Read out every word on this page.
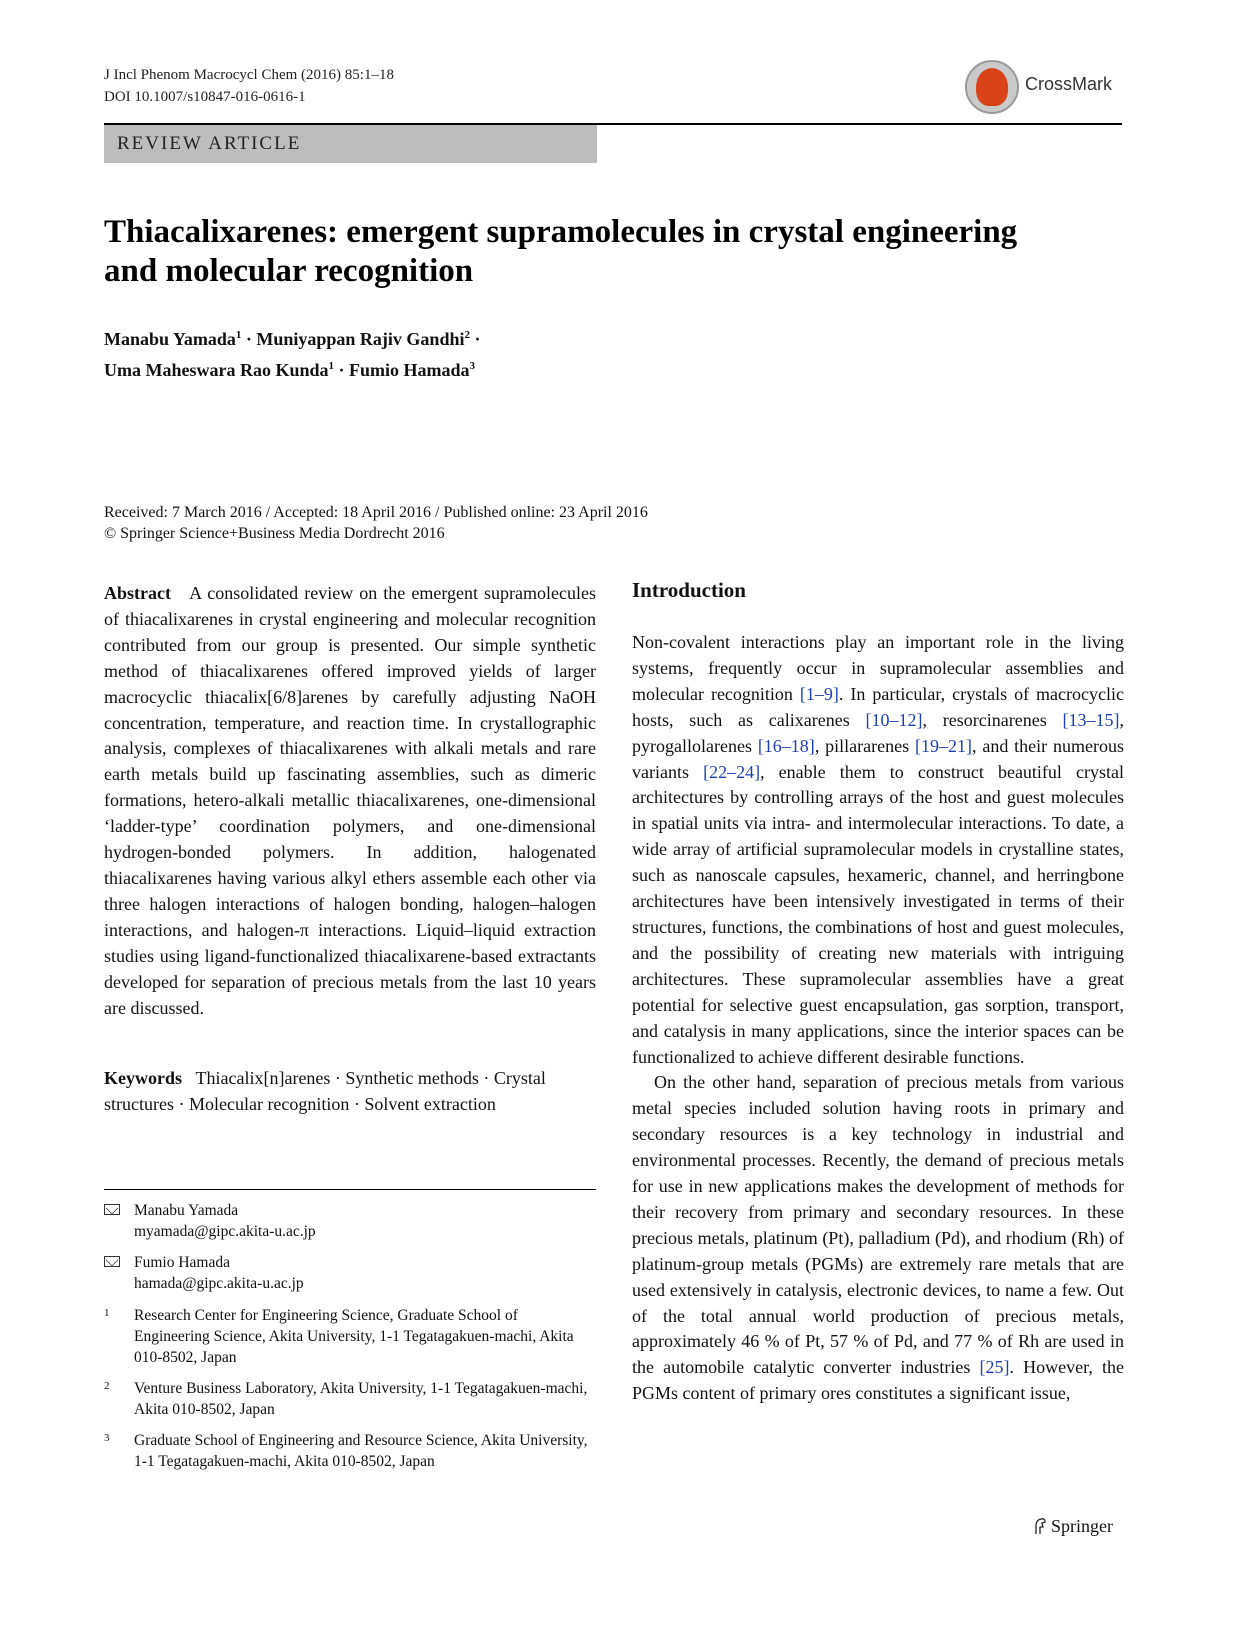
J Incl Phenom Macrocycl Chem (2016) 85:1–18
DOI 10.1007/s10847-016-0616-1
CrossMark
REVIEW ARTICLE
Thiacalixarenes: emergent supramolecules in crystal engineering and molecular recognition
Manabu Yamada$^1$ · Muniyappan Rajiv Gandhi$^2$ ·
Uma Maheswara Rao Kunda$^1$ · Fumio Hamada$^3$
Received: 7 March 2016 / Accepted: 18 April 2016 / Published online: 23 April 2016
© Springer Science+Business Media Dordrecht 2016

Abstract A consolidated review on the emergent supramolecules of thiacalixarenes in crystal engineering and molecular recognition contributed from our group is presented. Our simple synthetic method of thiacalixarenes offered improved yields of larger macrocyclic thiacalix[6/8]arenes by carefully adjusting NaOH concentration, temperature, and reaction time. In crystallographic analysis, complexes of thiacalixarenes with alkali metals and rare earth metals build up fascinating assemblies, such as dimeric formations, hetero-alkali metallic thiacalixarenes, one-dimensional ‘ladder-type’ coordination polymers, and one-dimensional hydrogen-bonded polymers. In addition, halogenated thiacalixarenes having various alkyl ethers assemble each other via three halogen interactions of halogen bonding, halogen–halogen interactions, and halogen-π interactions. Liquid–liquid extraction studies using ligand-functionalized thiacalixarene-based extractants developed for separation of precious metals from the last 10 years are discussed.

Keywords Thiacalix[n]arenes · Synthetic methods · Crystal structures · Molecular recognition · Solvent extraction

Manabu Yamada
myamada@gipc.akita-u.ac.jp
Fumio Hamada
hamada@gipc.akita-u.ac.jp
1 Research Center for Engineering Science, Graduate School of Engineering Science, Akita University, 1-1 Tegatagakuen-machi, Akita 010-8502, Japan
2 Venture Business Laboratory, Akita University, 1-1 Tegatagakuen-machi, Akita 010-8502, Japan
3 Graduate School of Engineering and Resource Science, Akita University, 1-1 Tegatagakuen-machi, Akita 010-8502, Japan
Introduction

Non-covalent interactions play an important role in the living systems, frequently occur in supramolecular assemblies and molecular recognition [1–9]. In particular, crystals of macrocyclic hosts, such as calixarenes [10–12], resorcinarenes [13–15], pyrogallolarenes [16–18], pillararenes [19–21], and their numerous variants [22–24], enable them to construct beautiful crystal architectures by controlling arrays of the host and guest molecules in spatial units via intra- and intermolecular interactions. To date, a wide array of artificial supramolecular models in crystalline states, such as nanoscale capsules, hexameric, channel, and herringbone architectures have been intensively investigated in terms of their structures, functions, the combinations of host and guest molecules, and the possibility of creating new materials with intriguing architectures. These supramolecular assemblies have a great potential for selective guest encapsulation, gas sorption, transport, and catalysis in many applications, since the interior spaces can be functionalized to achieve different desirable functions.

On the other hand, separation of precious metals from various metal species included solution having roots in primary and secondary resources is a key technology in industrial and environmental processes. Recently, the demand of precious metals for use in new applications makes the development of methods for their recovery from primary and secondary resources. In these precious metals, platinum (Pt), palladium (Pd), and rhodium (Rh) of platinum-group metals (PGMs) are extremely rare metals that are used extensively in catalysis, electronic devices, to name a few. Out of the total annual world production of precious metals, approximately 46 % of Pt, 57 % of Pd, and 77 % of Rh are used in the automobile catalytic converter industries [25]. However, the PGMs content of primary ores constitutes a significant issue,

Springer
